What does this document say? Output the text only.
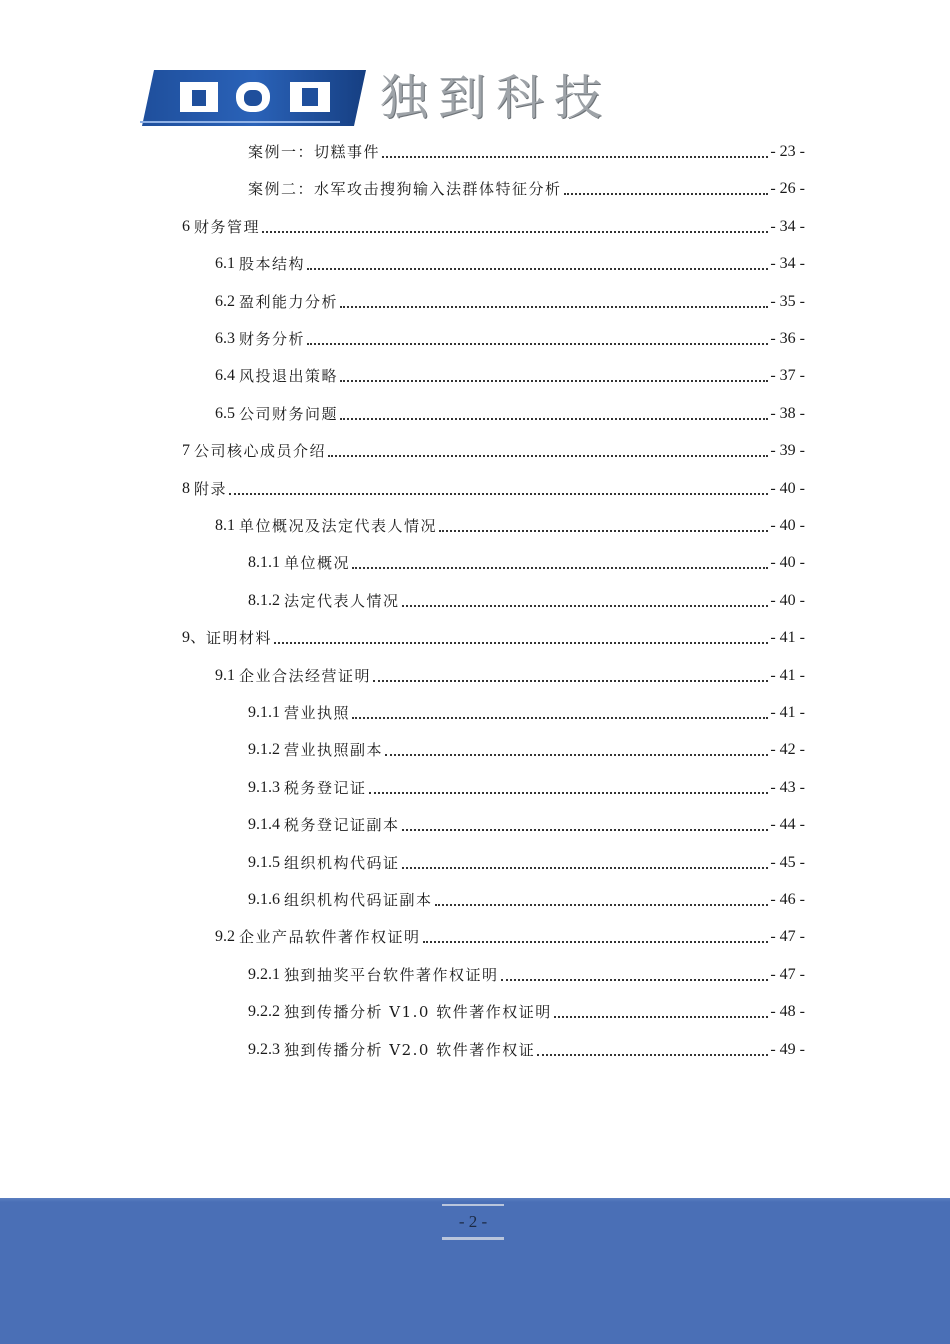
独到科技
案例一：切糕事件	- 23 -
案例二：水军攻击搜狗输入法群体特征分析	- 26 -
6 财务管理	- 34 -
6.1 股本结构	- 34 -
6.2 盈利能力分析	- 35 -
6.3 财务分析	- 36 -
6.4 风投退出策略	- 37 -
6.5 公司财务问题	- 38 -
7 公司核心成员介绍	- 39 -
8 附录	- 40 -
8.1 单位概况及法定代表人情况	- 40 -
8.1.1 单位概况	- 40 -
8.1.2 法定代表人情况	- 40 -
9、 证明材料	- 41 -
9.1 企业合法经营证明	- 41 -
9.1.1 营业执照	- 41 -
9.1.2 营业执照副本	- 42 -
9.1.3 税务登记证	- 43 -
9.1.4 税务登记证副本	- 44 -
9.1.5 组织机构代码证	- 45 -
9.1.6 组织机构代码证副本	- 46 -
9.2 企业产品软件著作权证明	- 47 -
9.2.1 独到抽奖平台软件著作权证明	- 47 -
9.2.2 独到传播分析 V1.0 软件著作权证明	- 48 -
9.2.3 独到传播分析 V2.0 软件著作权证	- 49 -
- 2 -
